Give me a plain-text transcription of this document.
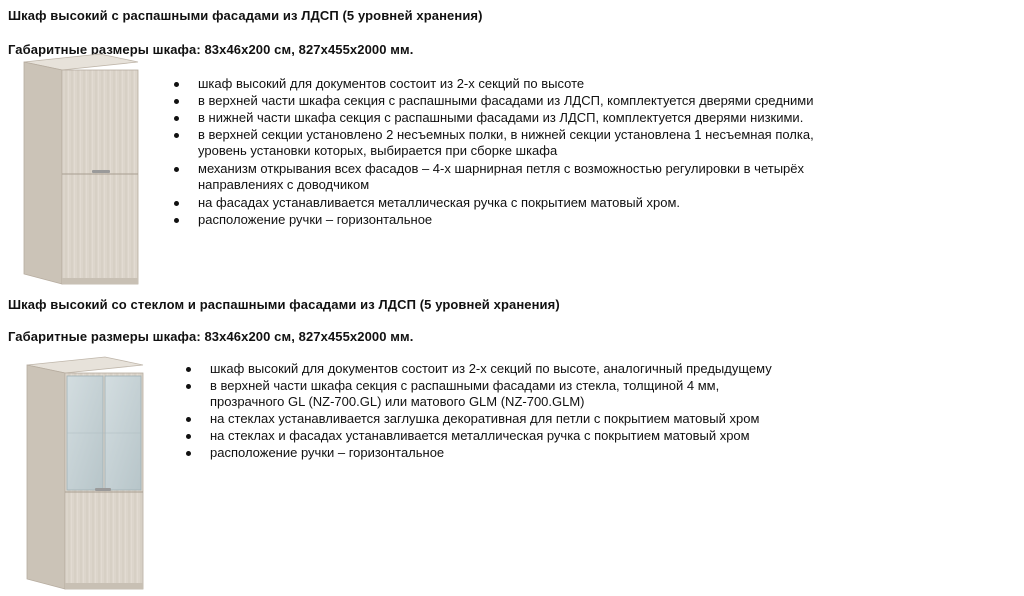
Шкаф высокий с распашными фасадами из ЛДСП (5 уровней хранения)
Габаритные размеры шкафа: 83х46х200 см, 827х455х2000 мм.
шкаф высокий для документов состоит из 2-х секций по высоте
в верхней части шкафа секция с распашными фасадами из ЛДСП, комплектуется дверями средними
в нижней части шкафа секция с распашными фасадами из ЛДСП, комплектуется дверями низкими.
в верхней секции установлено 2 несъемных полки, в нижней секции установлена 1 несъемная полка,
уровень установки которых, выбирается при сборке шкафа
механизм открывания всех фасадов – 4-х шарнирная петля с возможностью регулировки в четырёх
направлениях с доводчиком
на фасадах устанавливается металлическая ручка с покрытием матовый хром.
расположение ручки – горизонтальное
Шкаф высокий со стеклом и распашными фасадами из ЛДСП (5 уровней хранения)
Габаритные размеры шкафа: 83х46х200 см, 827х455х2000 мм.
шкаф высокий для документов состоит из 2-х секций по высоте, аналогичный предыдущему
в верхней части шкафа секция с распашными фасадами из стекла, толщиной 4 мм,
прозрачного GL (NZ-700.GL) или матового GLM (NZ-700.GLM)
на стеклах устанавливается заглушка декоративная для петли с покрытием матовый хром
на стеклах и фасадах устанавливается металлическая ручка с покрытием матовый хром
расположение ручки – горизонтальное
